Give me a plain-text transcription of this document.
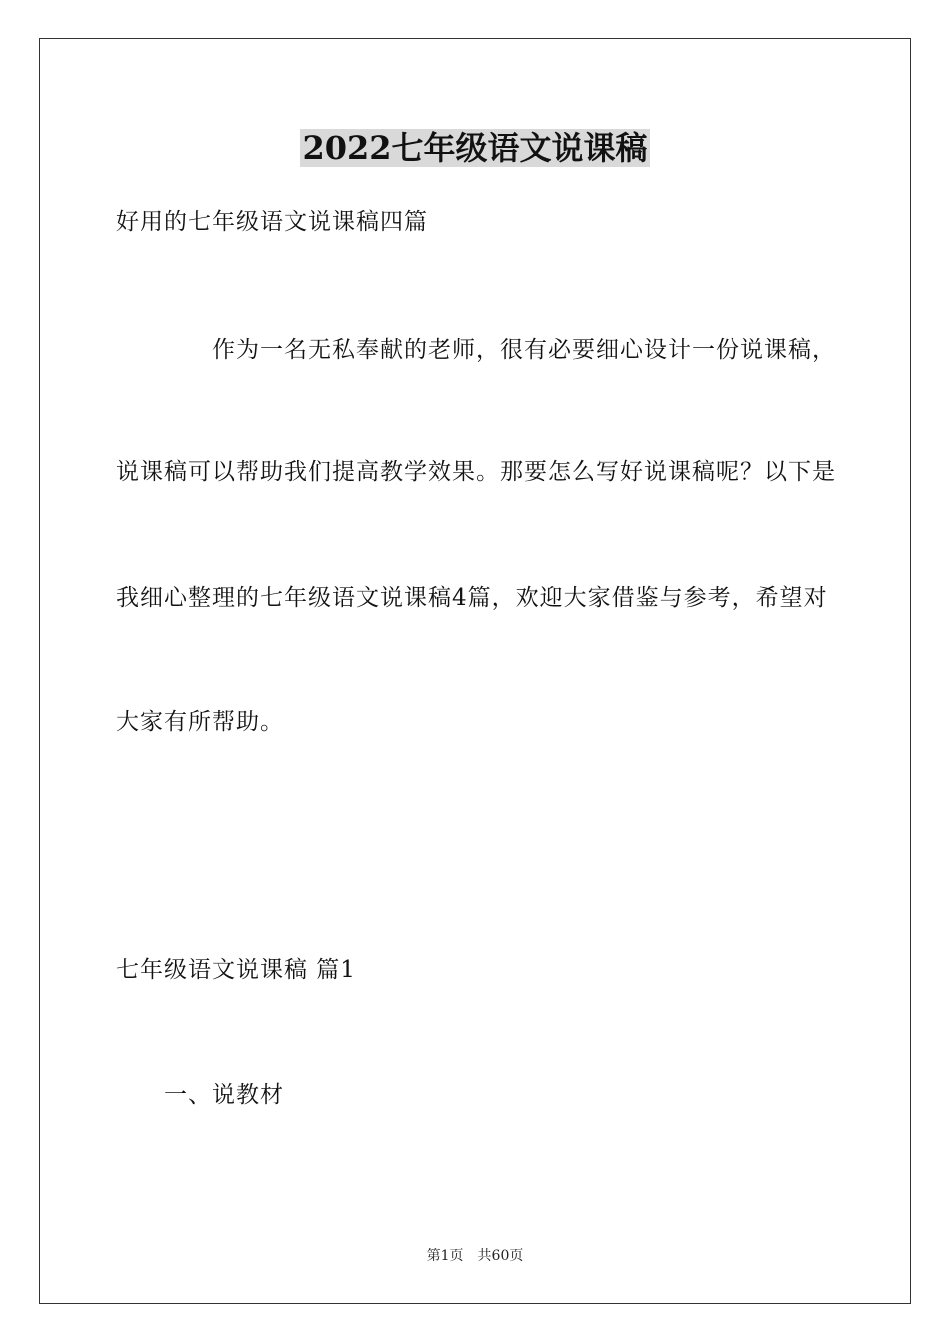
2022七年级语文说课稿
好用的七年级语文说课稿四篇
作为一名无私奉献的老师，很有必要细心设计一份说课稿，
说课稿可以帮助我们提高教学效果。那要怎么写好说课稿呢？以下是
我细心整理的七年级语文说课稿4篇，欢迎大家借鉴与参考，希望对
大家有所帮助。
七年级语文说课稿 篇1
一、说教材
第1页 共60页
